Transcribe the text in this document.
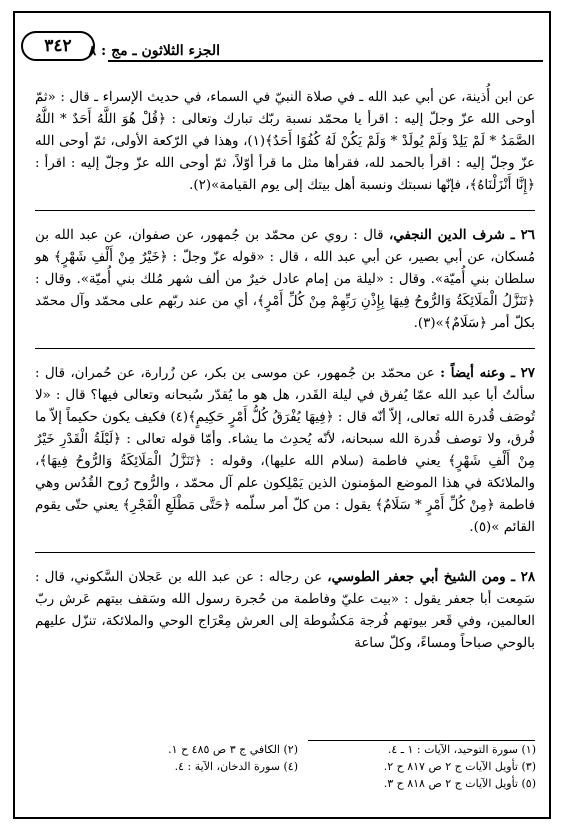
الجزء الثلاثون ـ مج : ٨
٣٤٢

عن ابن أُذينة، عن أبي عبد الله ـ في صلاة النبيّ في السماء، في حديث الإسراء ـ قال : «ثمّ أوحى الله عزّ وجلّ إليه : اقرأ يا محمّد نسبة ربّك تبارك وتعالى : ﴿قُلْ هُوَ اللَّهُ أَحَدٌ * اللَّهُ الصَّمَدُ * لَمْ يَلِدْ وَلَمْ يُولَدْ * وَلَمْ يَكُنْ لَهُ كُفُوًا أَحَدٌ﴾(١)، وهذا في الرّكعة الأولى، ثمّ أوحى الله عزّ وجلّ إليه : اقرأ بالحمد لله، فقرأها مثل ما قرأ أوّلاً، ثمّ أوحى الله عزّ وجلّ إليه : اقرأ : ﴿إِنَّا أَنْزَلْنَاهُ﴾، فإنّها نسبتك ونسبة أهل بيتك إلى يوم القيامة»(٢).

٢٦ ـ شرف الدين النجفي، قال : روي عن محمّد بن جُمهور، عن صفوان، عن عبد الله بن مُسكان، عن أبي بصير، عن أبي عبد الله ، قال : «قوله عزّ وجلّ : ﴿خَيْرٌ مِنْ أَلْفِ شَهْرٍ﴾ هو سلطان بني أُميّة». وقال : «ليلة من إمام عادل خيرٌ من ألف شهر مُلك بني أُميّة». وقال : ﴿تَنَزَّلُ الْمَلَائِكَةُ وَالرُّوحُ فِيهَا بِإِذْنِ رَبِّهِمْ مِنْ كُلِّ أَمْرٍ﴾، أي من عند ربّهم على محمّد وآل محمّد بكلّ أمر ﴿سَلَامٌ﴾»(٣).

٢٧ ـ وعنه أيضاً : عن محمّد بن جُمهور، عن موسى بن بكر، عن زُرارة، عن حُمران، قال : سألتُ أبا عبد الله عمّا يُفرق في ليلة القَدر، هل هو ما يُقدّر سُبحانه وتعالى فيها؟ قال : «لا تُوصَف قُدرة الله تعالى، إلاّ أنّه قال : ﴿فِيهَا يُفْرَقُ كُلُّ أَمْرٍ حَكِيمٍ﴾(٤) فكيف يكون حكيماً إلاّ ما فُرق، ولا توصف قُدرة الله سبحانه، لأنّه يُحدِث ما يشاء. وأمّا قوله تعالى : ﴿لَيْلَةُ الْقَدْرِ خَيْرٌ مِنْ أَلْفِ شَهْرٍ﴾ يعني فاطمة (سلام الله عليها)، وقوله : ﴿تَنَزَّلُ الْمَلَائِكَةُ وَالرُّوحُ فِيهَا﴾، والملائكة في هذا الموضع المؤمنون الذين يَمْلِكون علم آل محمّد ، والرُّوح رُوح القُدُس وهي فاطمة ﴿مِنْ كُلِّ أَمْرٍ * سَلَامٌ﴾ يقول : من كلّ أمر سلّمه ﴿حَتَّى مَطْلَعِ الْفَجْرِ﴾ يعني حتّى يقوم القائم »(٥).

٢٨ ـ ومن الشيخ أبي جعفر الطوسي، عن رجاله : عن عبد الله بن عَجلان السَّكوني، قال : سَمِعت أبا جعفر يقول : «بيت عليّ وفاطمة من حُجرة رسول الله وسَقف بيتهم عَرش ربّ العالمين، وفي قَعر بيوتهم فُرجة مَكشُوطة إلى العرش مِعْرَاج الوحي والملائكة، تنزّل عليهم بالوحي صباحاً ومساءً، وكلّ ساعة

(١) سورة التوحيد، الآيات : ١ ـ ٤.
(٢) الكافي ج ٣ ص ٤٨٥ ح ١.
(٣) تأويل الآيات ج ٢ ص ٨١٧ ح ٢.
(٤) سورة الدخان، الآية : ٤.
(٥) تأويل الآيات ج ٢ ص ٨١٨ ح ٣.
